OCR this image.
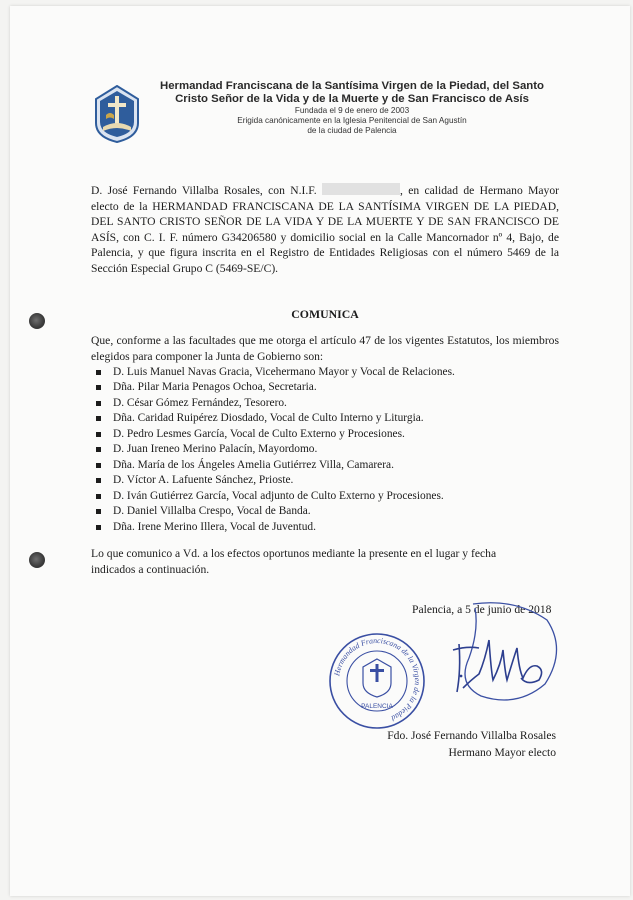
Hermandad Franciscana de la Santísima Virgen de la Piedad, del Santo
Cristo Señor de la Vida y de la Muerte y de San Francisco de Asís
Fundada el 9 de enero de 2003
Erigida canónicamente en la Iglesia Penitencial de San Agustín
de la ciudad de Palencia
D. José Fernando Villalba Rosales, con N.I.F.	, en calidad de Hermano Mayor electo de la HERMANDAD FRANCISCANA DE LA SANTÍSIMA VIRGEN DE LA PIEDAD, DEL SANTO CRISTO SEÑOR DE LA VIDA Y DE LA MUERTE Y DE SAN FRANCISCO DE ASÍS, con C. I. F. número G34206580 y domicilio social en la Calle Mancornador nº 4, Bajo, de Palencia, y que figura inscrita en el Registro de Entidades Religiosas con el número 5469 de la Sección Especial Grupo C (5469-SE/C).
COMUNICA
Que, conforme a las facultades que me otorga el artículo 47 de los vigentes Estatutos, los miembros elegidos para componer la Junta de Gobierno son:
D. Luis Manuel Navas Gracia, Vicehermano Mayor y Vocal de Relaciones.
Dña. Pilar Maria Penagos Ochoa, Secretaria.
D. César Gómez Fernández, Tesorero.
Dña. Caridad Ruipérez Diosdado, Vocal de Culto Interno y Liturgia.
D. Pedro Lesmes García, Vocal de Culto Externo y Procesiones.
D. Juan Ireneo Merino Palacín, Mayordomo.
Dña. María de los Ángeles Amelia Gutiérrez Villa, Camarera.
D. Víctor A. Lafuente Sánchez, Prioste.
D. Iván Gutiérrez García, Vocal adjunto de Culto Externo y Procesiones.
D. Daniel Villalba Crespo, Vocal de Banda.
Dña. Irene Merino Illera, Vocal de Juventud.
Lo que comunico a Vd. a los efectos oportunos mediante la presente en el lugar y fecha indicados a continuación.
Palencia, a 5 de junio de 2018
Hermandad Franciscana de la Virgen de la Piedad
PALENCIA
Fdo. José Fernando Villalba Rosales
Hermano Mayor electo
